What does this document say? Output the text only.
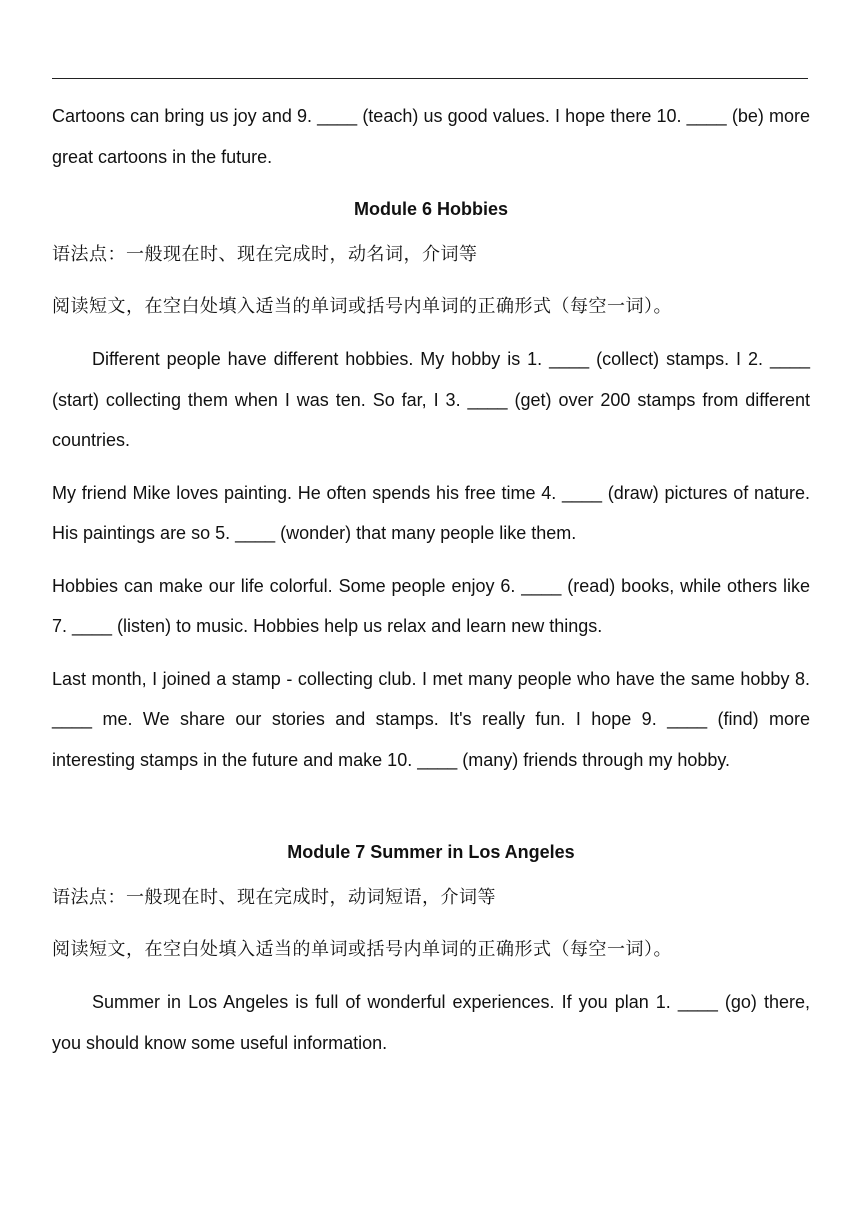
Cartoons can bring us joy and 9. ____ (teach) us good values. I hope there 10. ____ (be) more great cartoons in the future.

Module 6 Hobbies

语法点：一般现在时、现在完成时，动名词，介词等

阅读短文，在空白处填入适当的单词或括号内单词的正确形式（每空一词）。

Different people have different hobbies. My hobby is 1. ____ (collect) stamps. I 2. ____ (start) collecting them when I was ten. So far, I 3. ____ (get) over 200 stamps from different countries.

My friend Mike loves painting. He often spends his free time 4. ____ (draw) pictures of nature. His paintings are so 5. ____ (wonder) that many people like them.

Hobbies can make our life colorful. Some people enjoy 6. ____ (read) books, while others like 7. ____ (listen) to music. Hobbies help us relax and learn new things.

Last month, I joined a stamp - collecting club. I met many people who have the same hobby 8. ____ me. We share our stories and stamps. It's really fun. I hope 9. ____ (find) more interesting stamps in the future and make 10. ____ (many) friends through my hobby.

Module 7 Summer in Los Angeles

语法点：一般现在时、现在完成时，动词短语，介词等

阅读短文，在空白处填入适当的单词或括号内单词的正确形式（每空一词）。

Summer in Los Angeles is full of wonderful experiences. If you plan 1. ____ (go) there, you should know some useful information.
